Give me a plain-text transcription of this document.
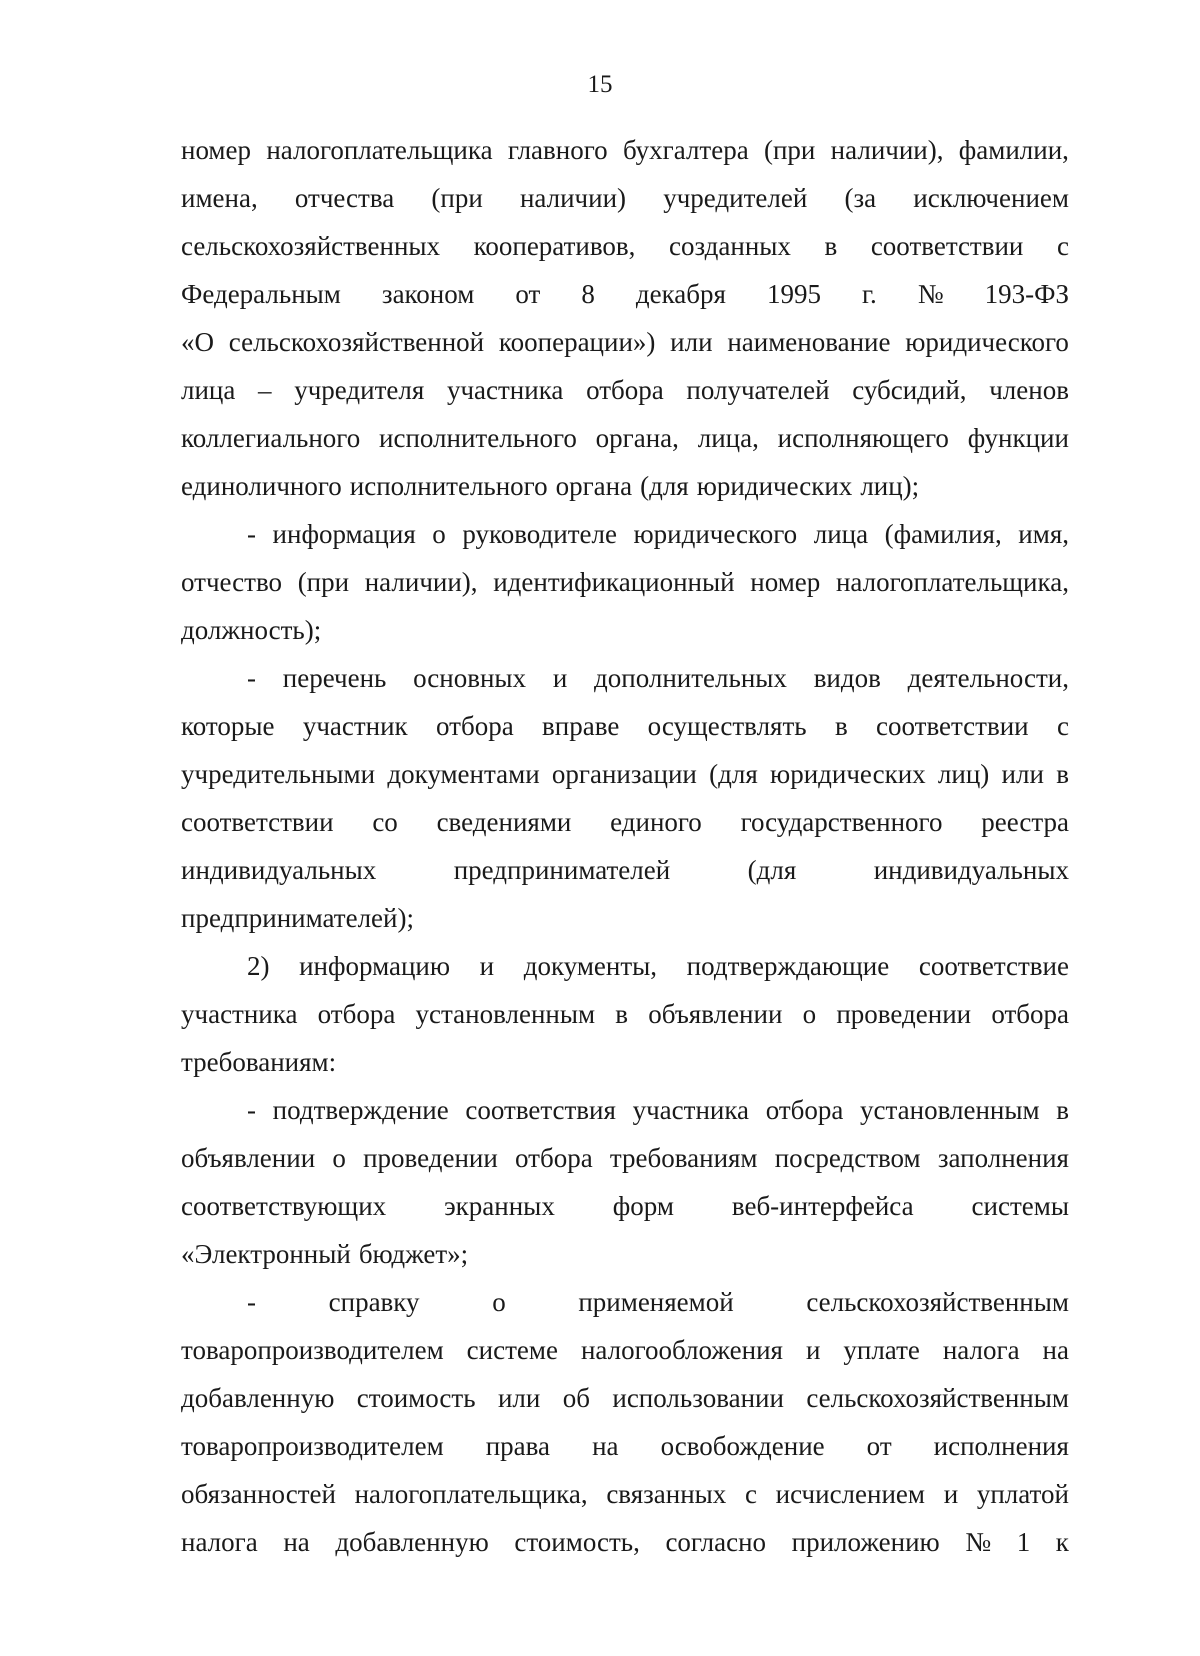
15
номер налогоплательщика главного бухгалтера (при наличии), фамилии,
имена, отчества (при наличии) учредителей (за исключением
сельскохозяйственных кооперативов, созданных в соответствии с
Федеральным законом от 8 декабря 1995 г. № 193-ФЗ
«О сельскохозяйственной кооперации») или наименование юридического
лица – учредителя участника отбора получателей субсидий, членов
коллегиального исполнительного органа, лица, исполняющего функции
единоличного исполнительного органа (для юридических лиц);
- информация о руководителе юридического лица (фамилия, имя,
отчество (при наличии), идентификационный номер налогоплательщика,
должность);
- перечень основных и дополнительных видов деятельности,
которые участник отбора вправе осуществлять в соответствии с
учредительными документами организации (для юридических лиц) или в
соответствии со сведениями единого государственного реестра
индивидуальных	предпринимателей	(для	индивидуальных
предпринимателей);
2) информацию и документы, подтверждающие соответствие
участника отбора установленным в объявлении о проведении отбора
требованиям:
- подтверждение соответствия участника отбора установленным в
объявлении о проведении отбора требованиям посредством заполнения
соответствующих экранных форм веб-интерфейса системы
«Электронный бюджет»;
-	справку	о	применяемой	сельскохозяйственным
товаропроизводителем системе налогообложения и уплате налога на
добавленную стоимость или об использовании сельскохозяйственным
товаропроизводителем права на освобождение от исполнения
обязанностей налогоплательщика, связанных с исчислением и уплатой
налога на добавленную стоимость, согласно приложению № 1 к
